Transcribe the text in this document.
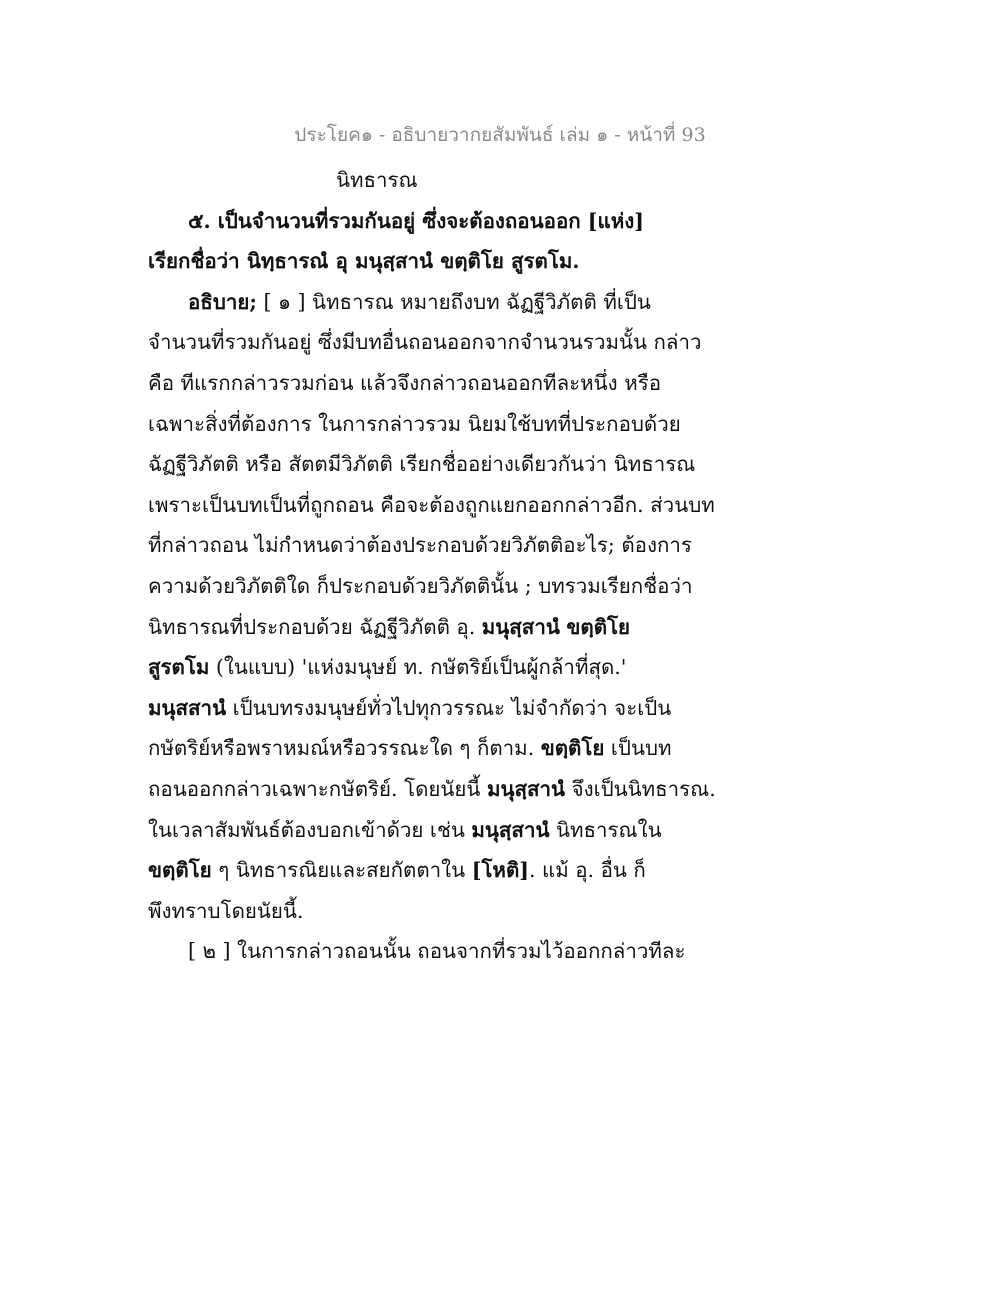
ประโยค๑ - อธิบายวากยสัมพันธ์ เล่ม ๑ - หน้าที่ 93
นิทธารณ
๕. เป็นจำนวนที่รวมกันอยู่ ซึ่งจะต้องถอนออก [แห่ง]
เรียกชื่อว่า นิทฺธารณํ อุ มนุสฺสานํ ขตฺติโย สูรตโม.
อธิบาย; [ ๑ ] นิทธารณ หมายถึงบท ฉัฏฐีวิภัตติ ที่เป็น
จำนวนที่รวมกันอยู่ ซึ่งมีบทอื่นถอนออกจากจำนวนรวมนั้น กล่าว
คือ ทีแรกกล่าวรวมก่อน แล้วจึงกล่าวถอนออกทีละหนึ่ง หรือ
เฉพาะสิ่งที่ต้องการ ในการกล่าวรวม นิยมใช้บทที่ประกอบด้วย
ฉัฏฐีวิภัตติ หรือ สัตตมีวิภัตติ เรียกชื่ออย่างเดียวกันว่า นิทธารณ
เพราะเป็นบทเป็นที่ถูกถอน คือจะต้องถูกแยกออกกล่าวอีก. ส่วนบท
ที่กล่าวถอน ไม่กำหนดว่าต้องประกอบด้วยวิภัตติอะไร; ต้องการ
ความด้วยวิภัตติใด ก็ประกอบด้วยวิภัตตินั้น ; บทรวมเรียกชื่อว่า
นิทธารณที่ประกอบด้วย ฉัฏฐีวิภัตติ อุ. มนุสฺสานํ ขตฺติโย
สูรตโม (ในแบบ) 'แห่งมนุษย์ ท. กษัตริย์เป็นผู้กล้าที่สุด.'
มนุสสานํ เป็นบทรงมนุษย์ทั่วไปทุกวรรณะ ไม่จำกัดว่า จะเป็น
กษัตริย์หรือพราหมณ์หรือวรรณะใด ๆ ก็ตาม. ขตฺติโย เป็นบท
ถอนออกกล่าวเฉพาะกษัตริย์. โดยนัยนี้ มนุสฺสานํ จึงเป็นนิทธารณ.
ในเวลาสัมพันธ์ต้องบอกเข้าด้วย เช่น มนุสฺสานํ นิทธารณใน
ขตฺติโย ๆ นิทธารณิยและสยกัตตาใน [โหติ]. แม้ อุ. อื่น ก็
พึงทราบโดยนัยนี้.
[ ๒ ] ในการกล่าวถอนนั้น ถอนจากที่รวมไว้ออกกล่าวทีละ
